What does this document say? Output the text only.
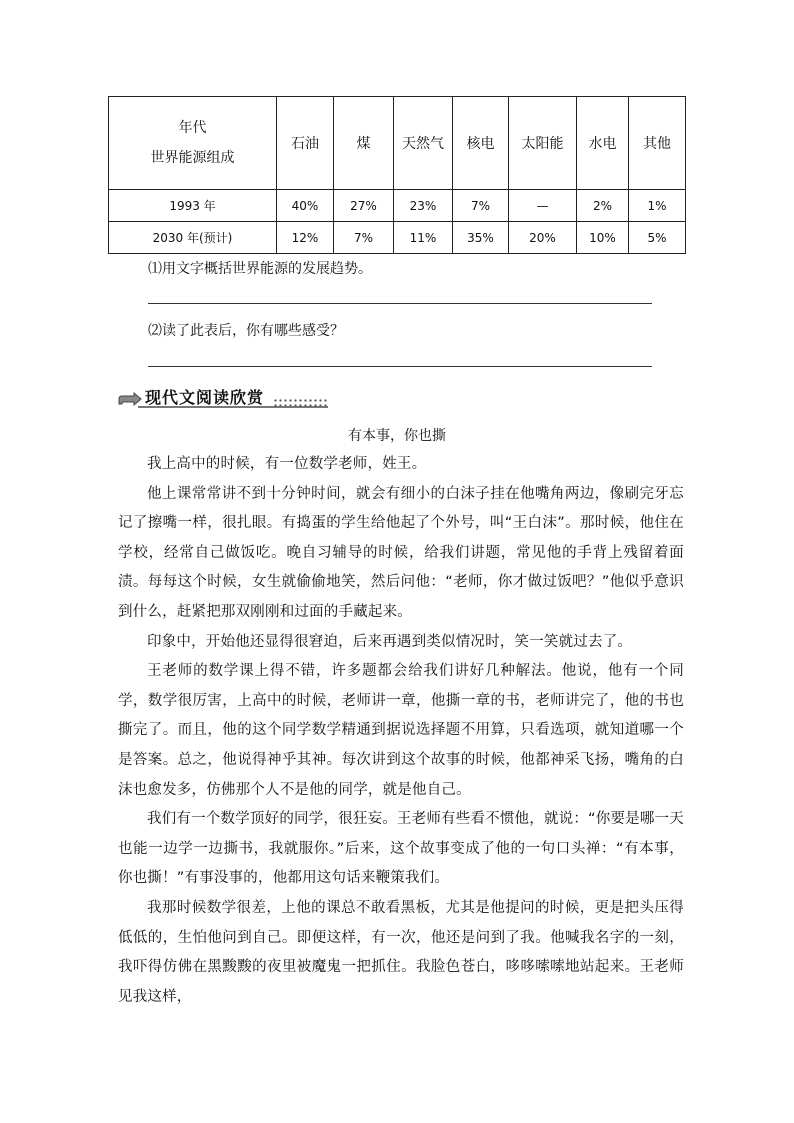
年代
世界能源组成	石油	煤	天然气	核电	太阳能	水电	其他
1993 年	40%	27%	23%	7%	—	2%	1%
2030 年(预计)	12%	7%	11%	35%	20%	10%	5%
⑴用文字概括世界能源的发展趋势。
⑵读了此表后，你有哪些感受？
现代文阅读欣赏
有本事，你也撕

我上高中的时候，有一位数学老师，姓王。

他上课常常讲不到十分钟时间，就会有细小的白沫子挂在他嘴角两边，像刷完牙忘记了擦嘴一样，很扎眼。有捣蛋的学生给他起了个外号，叫“王白沫”。那时候，他住在学校，经常自己做饭吃。晚自习辅导的时候，给我们讲题，常见他的手背上残留着面渍。每每这个时候，女生就偷偷地笑，然后问他：“老师，你才做过饭吧？”他似乎意识到什么，赶紧把那双刚刚和过面的手藏起来。

印象中，开始他还显得很窘迫，后来再遇到类似情况时，笑一笑就过去了。

王老师的数学课上得不错，许多题都会给我们讲好几种解法。他说，他有一个同学，数学很厉害，上高中的时候，老师讲一章，他撕一章的书，老师讲完了，他的书也撕完了。而且，他的这个同学数学精通到据说选择题不用算，只看选项，就知道哪一个是答案。总之，他说得神乎其神。每次讲到这个故事的时候，他都神采飞扬，嘴角的白沫也愈发多，仿佛那个人不是他的同学，就是他自己。

我们有一个数学顶好的同学，很狂妄。王老师有些看不惯他，就说：“你要是哪一天也能一边学一边撕书，我就服你。”后来，这个故事变成了他的一句口头禅：“有本事，你也撕！”有事没事的，他都用这句话来鞭策我们。

我那时候数学很差，上他的课总不敢看黑板，尤其是他提问的时候，更是把头压得低低的，生怕他问到自己。即便这样，有一次，他还是问到了我。他喊我名字的一刻，我吓得仿佛在黑黢黢的夜里被魔鬼一把抓住。我脸色苍白，哆哆嗦嗦地站起来。王老师见我这样，
